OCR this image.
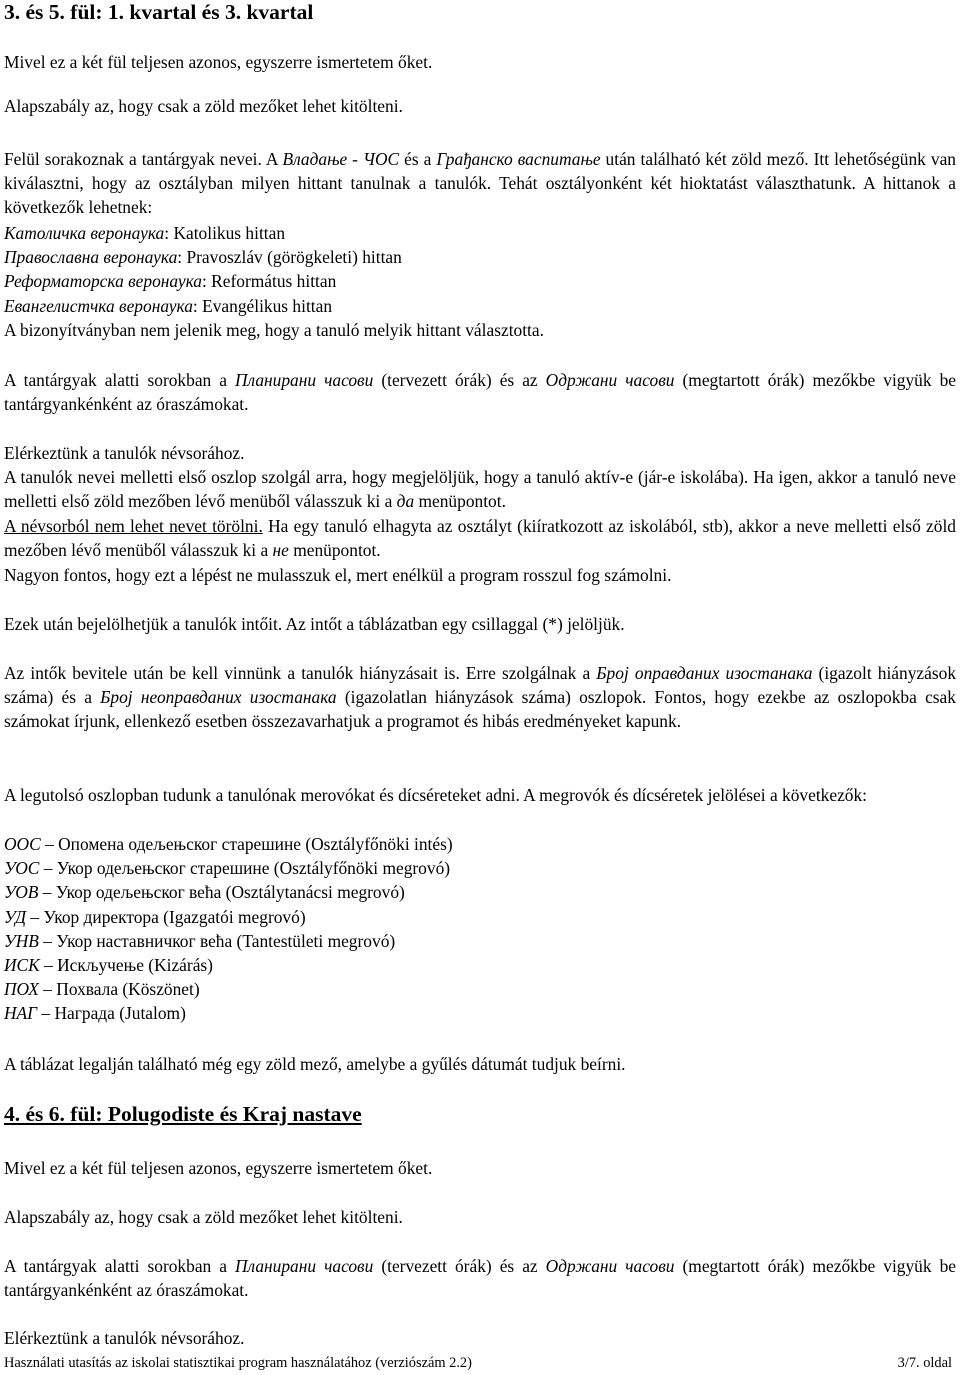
3. és 5. fül: 1. kvartal és 3. kvartal
Mivel ez a két fül teljesen azonos, egyszerre ismertetem őket.
Alapszabály az, hogy csak a zöld mezőket lehet kitölteni.
Felül sorakoznak a tantárgyak nevei. A Владање - ЧОС és a Грађанско васпитање után található két zöld mező. Itt lehetőségünk van kiválasztni, hogy az osztályban milyen hittant tanulnak a tanulók. Tehát osztályonként két hioktatást választhatunk. A hittanok a következők lehetnek:
Католичка веронаука: Katolikus hittan
Православна веронаука: Pravoszláv (görögkeleti) hittan
Реформаторска веронаука: Református hittan
Евангелистчка веронаука: Evangélikus hittan
A bizonyítványban nem jelenik meg, hogy a tanuló melyik hittant választotta.
A tantárgyak alatti sorokban a Планирани часови (tervezett órák) és az Одржани часови (megtartott órák) mezőkbe vigyük be tantárgyankénként az óraszámokat.
Elérkeztünk a tanulók névsorához.
A tanulók nevei melletti első oszlop szolgál arra, hogy megjelöljük, hogy a tanuló aktív-e (jár-e iskolába). Ha igen, akkor a tanuló neve melletti első zöld mezőben lévő menüből válasszuk ki a да menüpontot.
A névsorból nem lehet nevet törölni. Ha egy tanuló elhagyta az osztályt (kiíratkozott az iskolából, stb), akkor a neve melletti első zöld mezőben lévő menüből válasszuk ki a не menüpontot.
Nagyon fontos, hogy ezt a lépést ne mulasszuk el, mert enélkül a program rosszul fog számolni.
Ezek után bejelölhetjük a tanulók intőit. Az intőt a táblázatban egy csillaggal (*) jelöljük.
Az intők bevitele után be kell vinnünk a tanulók hiányzásait is. Erre szolgálnak a Број оправданих изостанака (igazolt hiányzások száma) és a Број неоправданих изостанака (igazolatlan hiányzások száma) oszlopok. Fontos, hogy ezekbe az oszlopokba csak számokat írjunk, ellenkező esetben összezavarhatjuk a programot és hibás eredményeket kapunk.
A legutolsó oszlopban tudunk a tanulónak merovókat és dícséreteket adni. A megrovók és dícséretek jelölései a következők:
ООС – Опомена одељењског старешине (Osztályfőnöki intés)
УОС – Укор одељењског старешине (Osztályfőnöki megrovó)
УОВ – Укор одељењског већа (Osztálytanácsi megrovó)
УД – Укор директора (Igazgatói megrovó)
УНВ – Укор наставничког већа (Tantestületi megrovó)
ИСК – Искључење (Kizárás)
ПОХ – Похвала (Köszönet)
НАГ – Награда (Jutalom)
A táblázat legalján található még egy zöld mező, amelybe a gyűlés dátumát tudjuk beírni.
4. és 6. fül: Polugodiste és Kraj nastave
Mivel ez a két fül teljesen azonos, egyszerre ismertetem őket.
Alapszabály az, hogy csak a zöld mezőket lehet kitölteni.
A tantárgyak alatti sorokban a Планирани часови (tervezett órák) és az Одржани часови (megtartott órák) mezőkbe vigyük be tantárgyankénként az óraszámokat.
Elérkeztünk a tanulók névsorához.
Használati utasítás az iskolai statisztikai program használatához (verziószám 2.2)	3/7. oldal
